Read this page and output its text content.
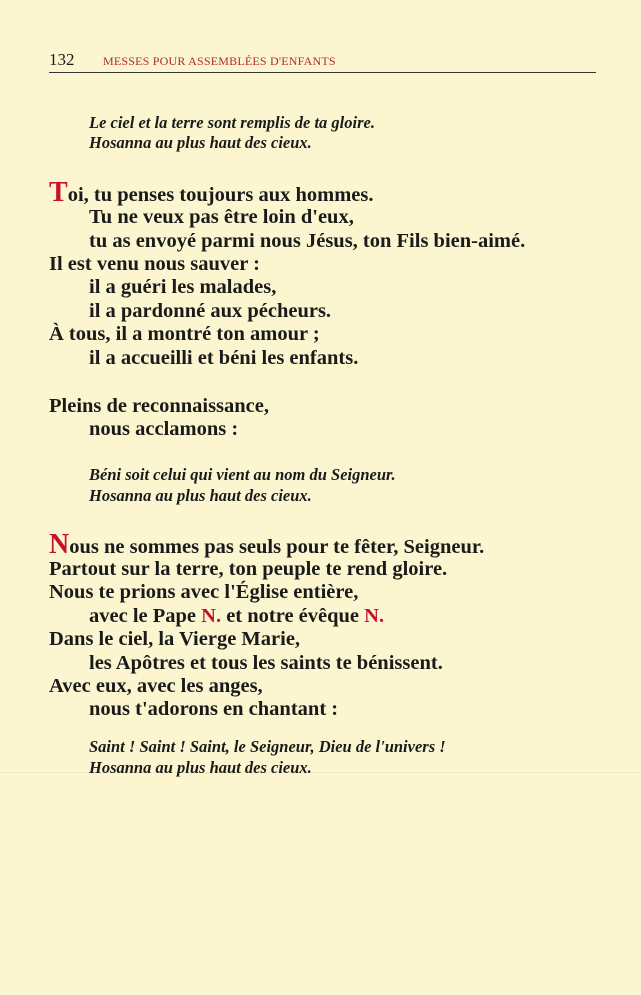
132 MESSES POUR ASSEMBLÉES D'ENFANTS
Le ciel et la terre sont remplis de ta gloire.
Hosanna au plus haut des cieux.
Toi, tu penses toujours aux hommes.
Tu ne veux pas être loin d'eux,
tu as envoyé parmi nous Jésus, ton Fils bien-aimé.
Il est venu nous sauver :
il a guéri les malades,
il a pardonné aux pécheurs.
À tous, il a montré ton amour ;
il a accueilli et béni les enfants.
Pleins de reconnaissance,
nous acclamons :
Béni soit celui qui vient au nom du Seigneur.
Hosanna au plus haut des cieux.
Nous ne sommes pas seuls pour te fêter, Seigneur.
Partout sur la terre, ton peuple te rend gloire.
Nous te prions avec l'Église entière,
avec le Pape N. et notre évêque N.
Dans le ciel, la Vierge Marie,
les Apôtres et tous les saints te bénissent.
Avec eux, avec les anges,
nous t'adorons en chantant :
Saint ! Saint ! Saint, le Seigneur, Dieu de l'univers !
Hosanna au plus haut des cieux.
